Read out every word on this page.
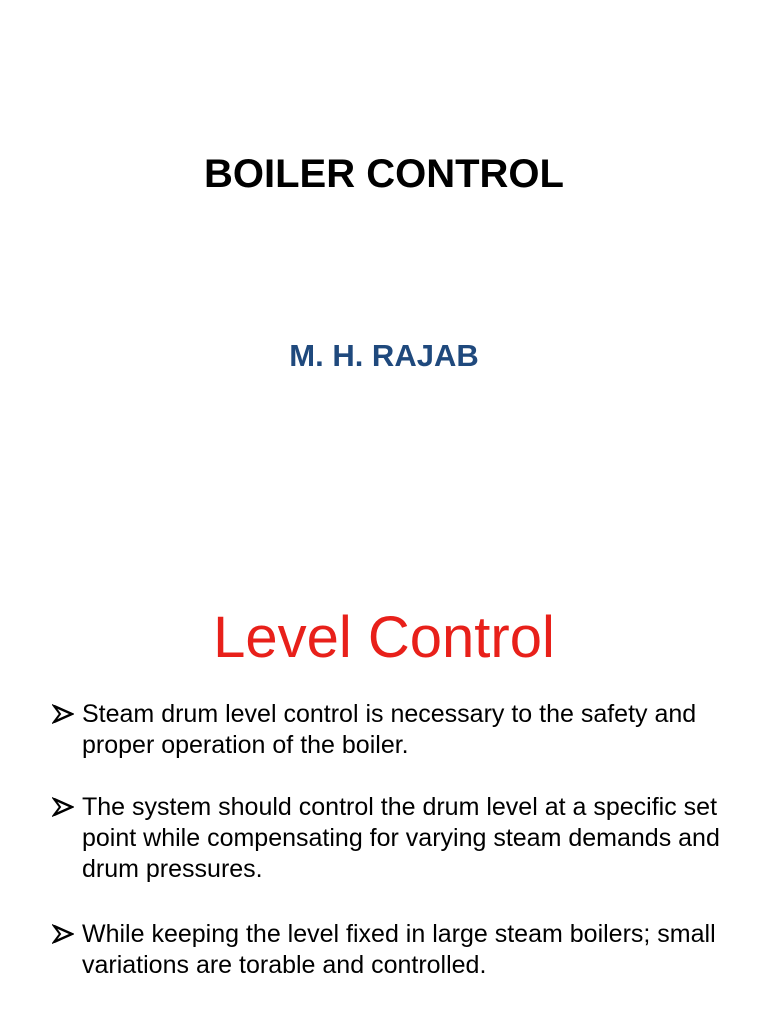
BOILER CONTROL
M. H. RAJAB
Level Control
Steam drum level control is necessary to the safety and proper operation of the boiler.
The system should control the drum level at a specific set point while compensating for varying steam demands and drum pressures.
While keeping the level fixed in large steam boilers; small variations are torable and controlled.
